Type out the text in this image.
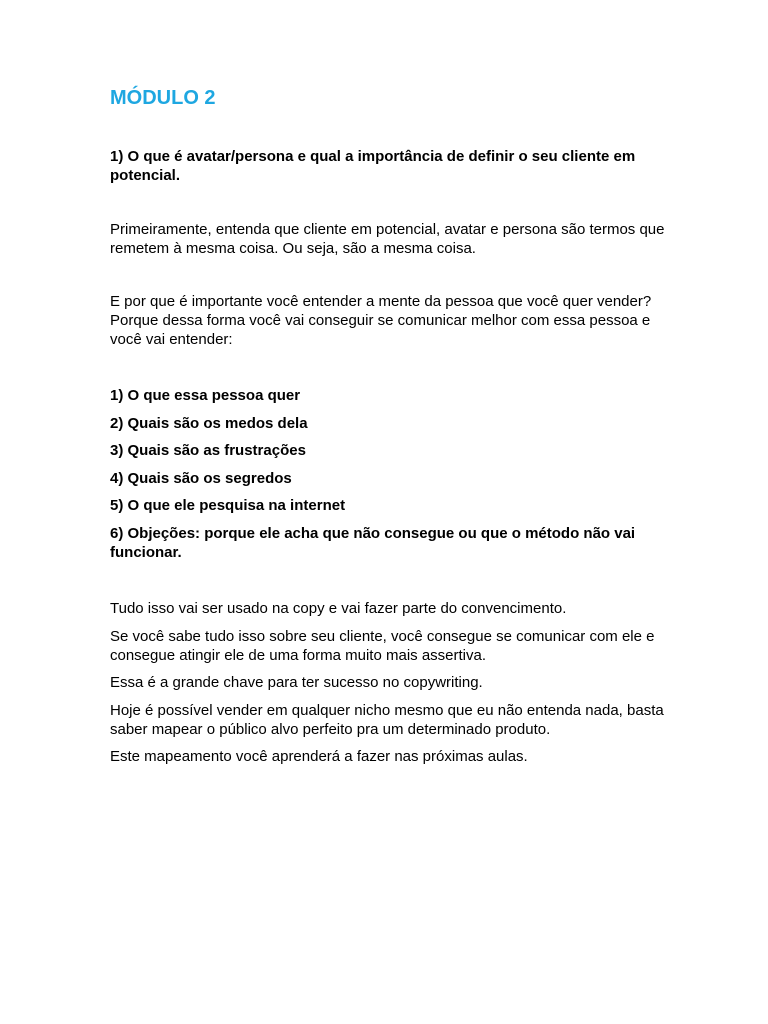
MÓDULO 2

1) O que é avatar/persona e qual a importância de definir o seu cliente em potencial.

Primeiramente, entenda que cliente em potencial, avatar e persona são termos que remetem à mesma coisa. Ou seja, são a mesma coisa.

E por que é importante você entender a mente da pessoa que você quer vender? Porque dessa forma você vai conseguir se comunicar melhor com essa pessoa e você vai entender:

1) O que essa pessoa quer
2) Quais são os medos dela
3) Quais são as frustrações
4) Quais são os segredos
5) O que ele pesquisa na internet
6) Objeções: porque ele acha que não consegue ou que o método não vai funcionar.

Tudo isso vai ser usado na copy e vai fazer parte do convencimento.

Se você sabe tudo isso sobre seu cliente, você consegue se comunicar com ele e consegue atingir ele de uma forma muito mais assertiva.

Essa é a grande chave para ter sucesso no copywriting.

Hoje é possível vender em qualquer nicho mesmo que eu não entenda nada, basta saber mapear o público alvo perfeito pra um determinado produto.

Este mapeamento você aprenderá a fazer nas próximas aulas.
